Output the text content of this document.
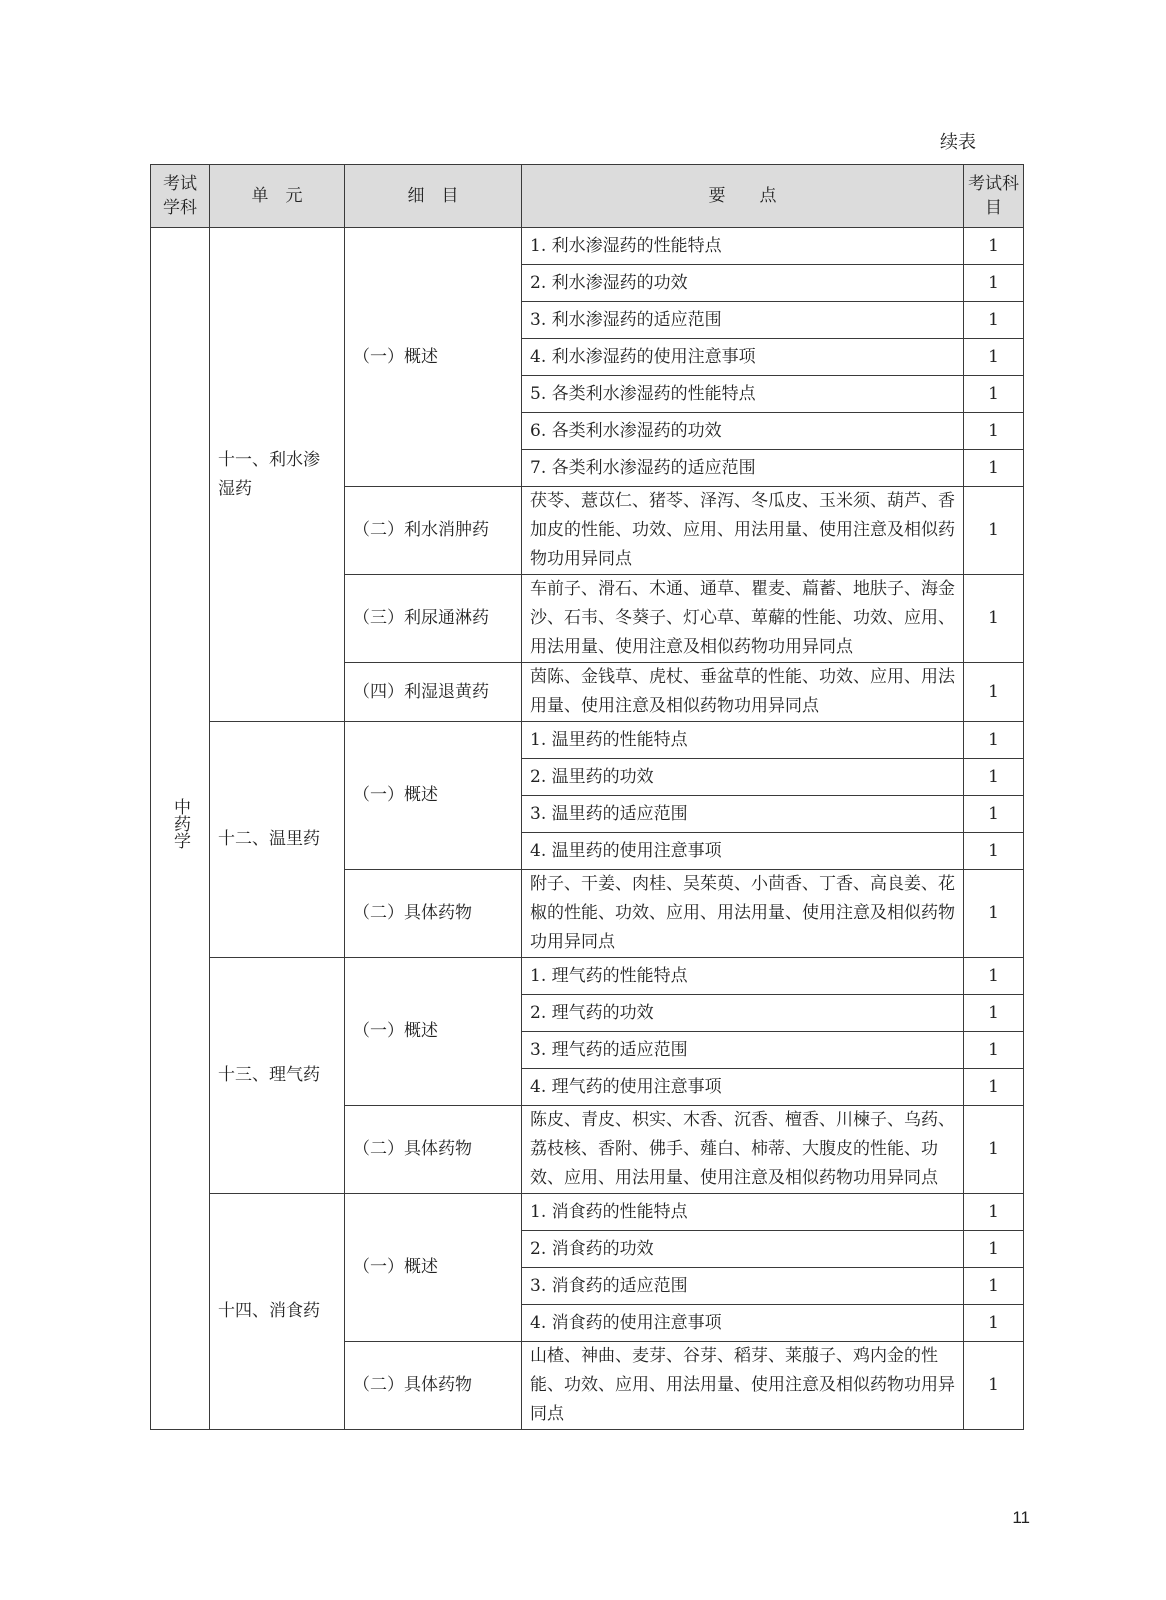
续表
考试学科	单　元	细　目	要　　点	考试科目
中药学	十一、利水渗湿药	（一）概述	1. 利水渗湿药的性能特点	1
			2. 利水渗湿药的功效	1
			3. 利水渗湿药的适应范围	1
			4. 利水渗湿药的使用注意事项	1
			5. 各类利水渗湿药的性能特点	1
			6. 各类利水渗湿药的功效	1
			7. 各类利水渗湿药的适应范围	1
		（二）利水消肿药	茯苓、薏苡仁、猪苓、泽泻、冬瓜皮、玉米须、葫芦、香加皮的性能、功效、应用、用法用量、使用注意及相似药物功用异同点	1
		（三）利尿通淋药	车前子、滑石、木通、通草、瞿麦、萹蓄、地肤子、海金沙、石韦、冬葵子、灯心草、萆薢的性能、功效、应用、用法用量、使用注意及相似药物功用异同点	1
		（四）利湿退黄药	茵陈、金钱草、虎杖、垂盆草的性能、功效、应用、用法用量、使用注意及相似药物功用异同点	1
	十二、温里药	（一）概述	1. 温里药的性能特点	1
			2. 温里药的功效	1
			3. 温里药的适应范围	1
			4. 温里药的使用注意事项	1
		（二）具体药物	附子、干姜、肉桂、吴茱萸、小茴香、丁香、高良姜、花椒的性能、功效、应用、用法用量、使用注意及相似药物功用异同点	1
	十三、理气药	（一）概述	1. 理气药的性能特点	1
			2. 理气药的功效	1
			3. 理气药的适应范围	1
			4. 理气药的使用注意事项	1
		（二）具体药物	陈皮、青皮、枳实、木香、沉香、檀香、川楝子、乌药、荔枝核、香附、佛手、薤白、柿蒂、大腹皮的性能、功效、应用、用法用量、使用注意及相似药物功用异同点	1
	十四、消食药	（一）概述	1. 消食药的性能特点	1
			2. 消食药的功效	1
			3. 消食药的适应范围	1
			4. 消食药的使用注意事项	1
		（二）具体药物	山楂、神曲、麦芽、谷芽、稻芽、莱菔子、鸡内金的性能、功效、应用、用法用量、使用注意及相似药物功用异同点	1
11
